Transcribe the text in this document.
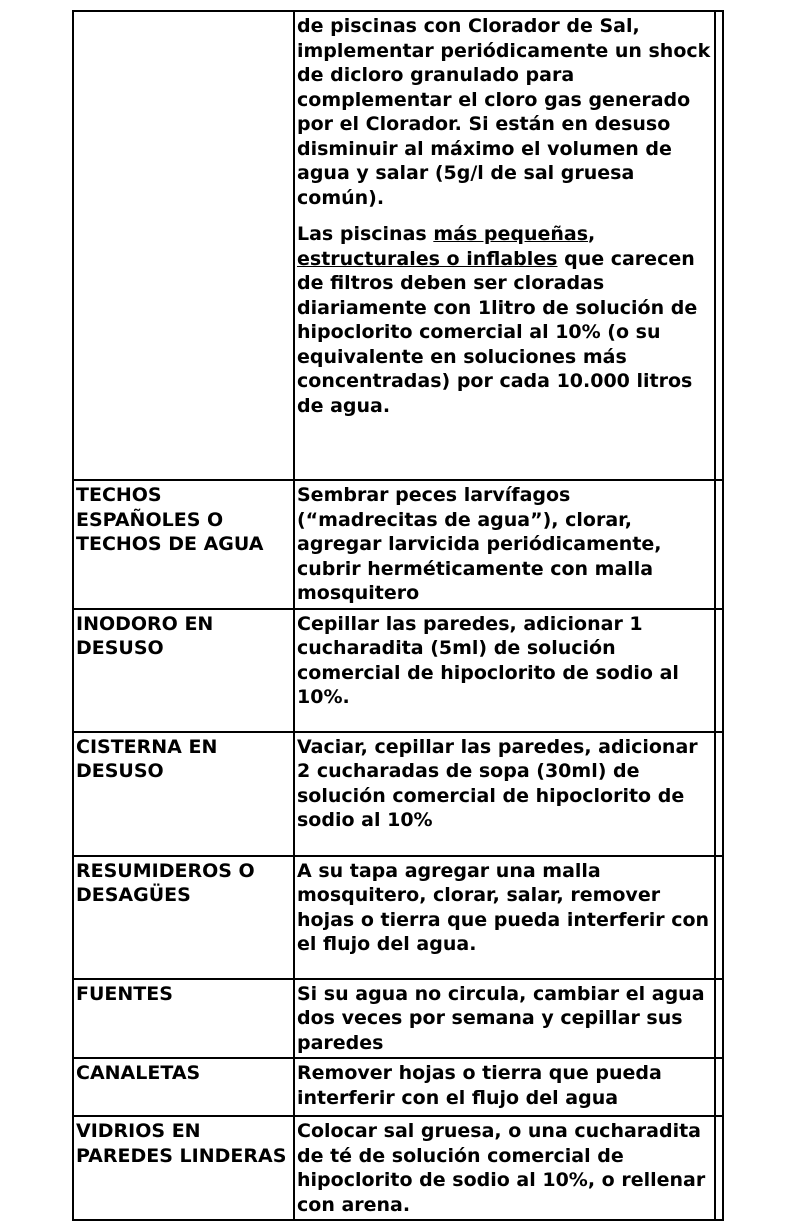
	de piscinas con Clorador de Sal, implementar periódicamente un shock de dicloro granulado para complementar el cloro gas generado por el Clorador. Si están en desuso disminuir al máximo el volumen de agua y salar (5g/l de sal gruesa común).

Las piscinas más pequeñas, estructurales o inflables que carecen de filtros deben ser cloradas diariamente con 1litro de solución de hipoclorito comercial al 10% (o su equivalente en soluciones más concentradas) por cada 10.000 litros de agua.	

TECHOS ESPAÑOLES O TECHOS DE AGUA	Sembrar peces larvífagos (“madrecitas de agua”), clorar, agregar larvicida periódicamente, cubrir herméticamente con malla mosquitero	
INODORO EN DESUSO	Cepillar las paredes, adicionar 1 cucharadita (5ml) de solución comercial de hipoclorito de sodio al 10%.	
CISTERNA EN DESUSO	Vaciar, cepillar las paredes, adicionar 2 cucharadas de sopa (30ml) de solución comercial de hipoclorito de sodio al 10%	
RESUMIDEROS O DESAGÜES	A su tapa agregar una malla mosquitero, clorar, salar, remover hojas o tierra que pueda interferir con el flujo del agua.	
FUENTES	Si su agua no circula, cambiar el agua dos veces por semana y cepillar sus paredes	
CANALETAS	Remover hojas o tierra que pueda interferir con el flujo del agua	
VIDRIOS EN PAREDES LINDERAS	Colocar sal gruesa, o una cucharadita de té de solución comercial de hipoclorito de sodio al 10%, o rellenar con arena.	
